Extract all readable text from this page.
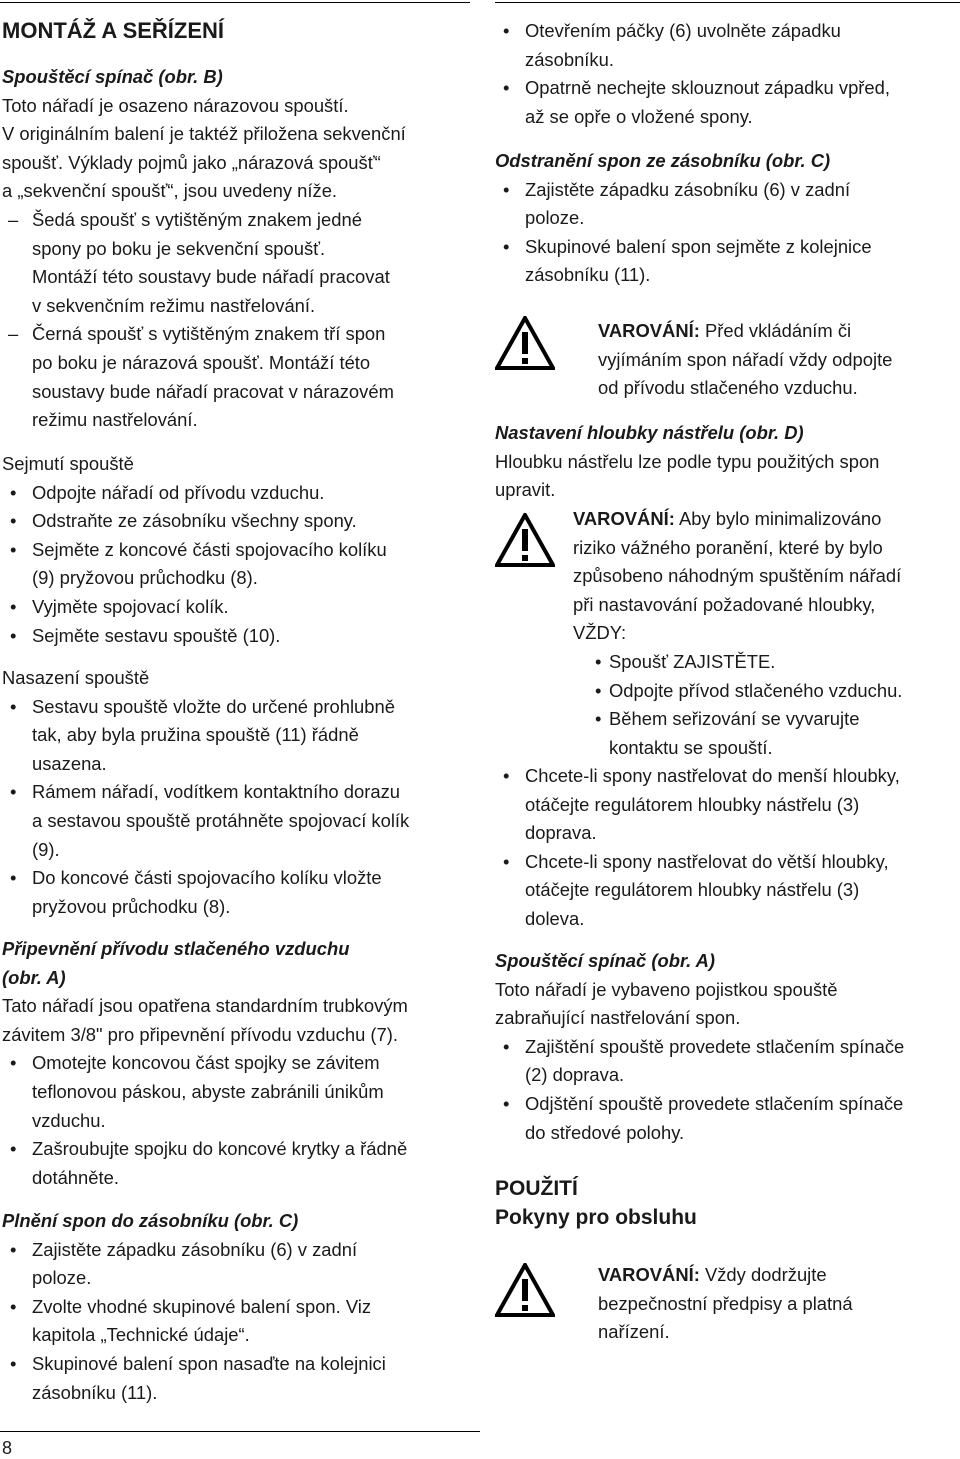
MONTÁŽ A SEŘÍZENÍ
Spouštěcí spínač (obr. B)

Toto nářadí je osazeno nárazovou spouští.

V originálním balení je taktéž přiložena sekvenční

spoušť. Výklady pojmů jako „nárazová spoušť“

a „sekvenční spoušť“, jsou uvedeny níže.

– Šedá spoušť s vytištěným znakem jedné
spony po boku je sekvenční spoušť.
Montáží této soustavy bude nářadí pracovat
v sekvenčním režimu nastřelování.
– Černá spoušť s vytištěným znakem tří spon
po boku je nárazová spoušť. Montáží této
soustavy bude nářadí pracovat v nárazovém
režimu nastřelování.

Sejmutí spouště

• Odpojte nářadí od přívodu vzduchu.
• Odstraňte ze zásobníku všechny spony.
• Sejměte z koncové části spojovacího kolíku
(9) pryžovou průchodku (8).
• Vyjměte spojovací kolík.
• Sejměte sestavu spouště (10).

Nasazení spouště

• Sestavu spouště vložte do určené prohlubně
tak, aby byla pružina spouště (11) řádně
usazena.
• Rámem nářadí, vodítkem kontaktního dorazu
a sestavou spouště protáhněte spojovací kolík
(9).
• Do koncové části spojovacího kolíku vložte
pryžovou průchodku (8).
Připevnění přívodu stlačeného vzduchu
(obr. A)

Tato nářadí jsou opatřena standardním trubkovým

závitem 3/8" pro připevnění přívodu vzduchu (7).

• Omotejte koncovou část spojky se závitem
teflonovou páskou, abyste zabránili únikům
vzduchu.
• Zašroubujte spojku do koncové krytky a řádně
dotáhněte.
Plnění spon do zásobníku (obr. C)
• Zajistěte západku zásobníku (6) v zadní
poloze.
• Zvolte vhodné skupinové balení spon. Viz
kapitola „Technické údaje“.
• Skupinové balení spon nasaďte na kolejnici
zásobníku (11).
8
• Otevřením páčky (6) uvolněte západku
zásobníku.
• Opatrně nechejte sklouznout západku vpřed,
až se opře o vložené spony.
Odstranění spon ze zásobníku (obr. C)
• Zajistěte západku zásobníku (6) v zadní
poloze.
• Skupinové balení spon sejměte z kolejnice
zásobníku (11).
VAROVÁNÍ: Před vkládáním či
vyjímáním spon nářadí vždy odpojte
od přívodu stlačeného vzduchu.
Nastavení hloubky nástřelu (obr. D)

Hloubku nástřelu lze podle typu použitých spon

upravit.

VAROVÁNÍ: Aby bylo minimalizováno
riziko vážného poranění, které by bylo
způsobeno náhodným spuštěním nářadí
při nastavování požadované hloubky,
VŽDY:
• Spoušť ZAJISTĚTE.
• Odpojte přívod stlačeného vzduchu.
• Během seřizování se vyvarujte
kontaktu se spouští.
• Chcete-li spony nastřelovat do menší hloubky,
otáčejte regulátorem hloubky nástřelu (3)
doprava.
• Chcete-li spony nastřelovat do větší hloubky,
otáčejte regulátorem hloubky nástřelu (3)
doleva.
Spouštěcí spínač (obr. A)

Toto nářadí je vybaveno pojistkou spouště

zabraňující nastřelování spon.

• Zajištění spouště provedete stlačením spínače
(2) doprava.
• Odjštění spouště provedete stlačením spínače
do středové polohy.
POUŽITÍ
Pokyny pro obsluhu
VAROVÁNÍ: Vždy dodržujte
bezpečnostní předpisy a platná
nařízení.
